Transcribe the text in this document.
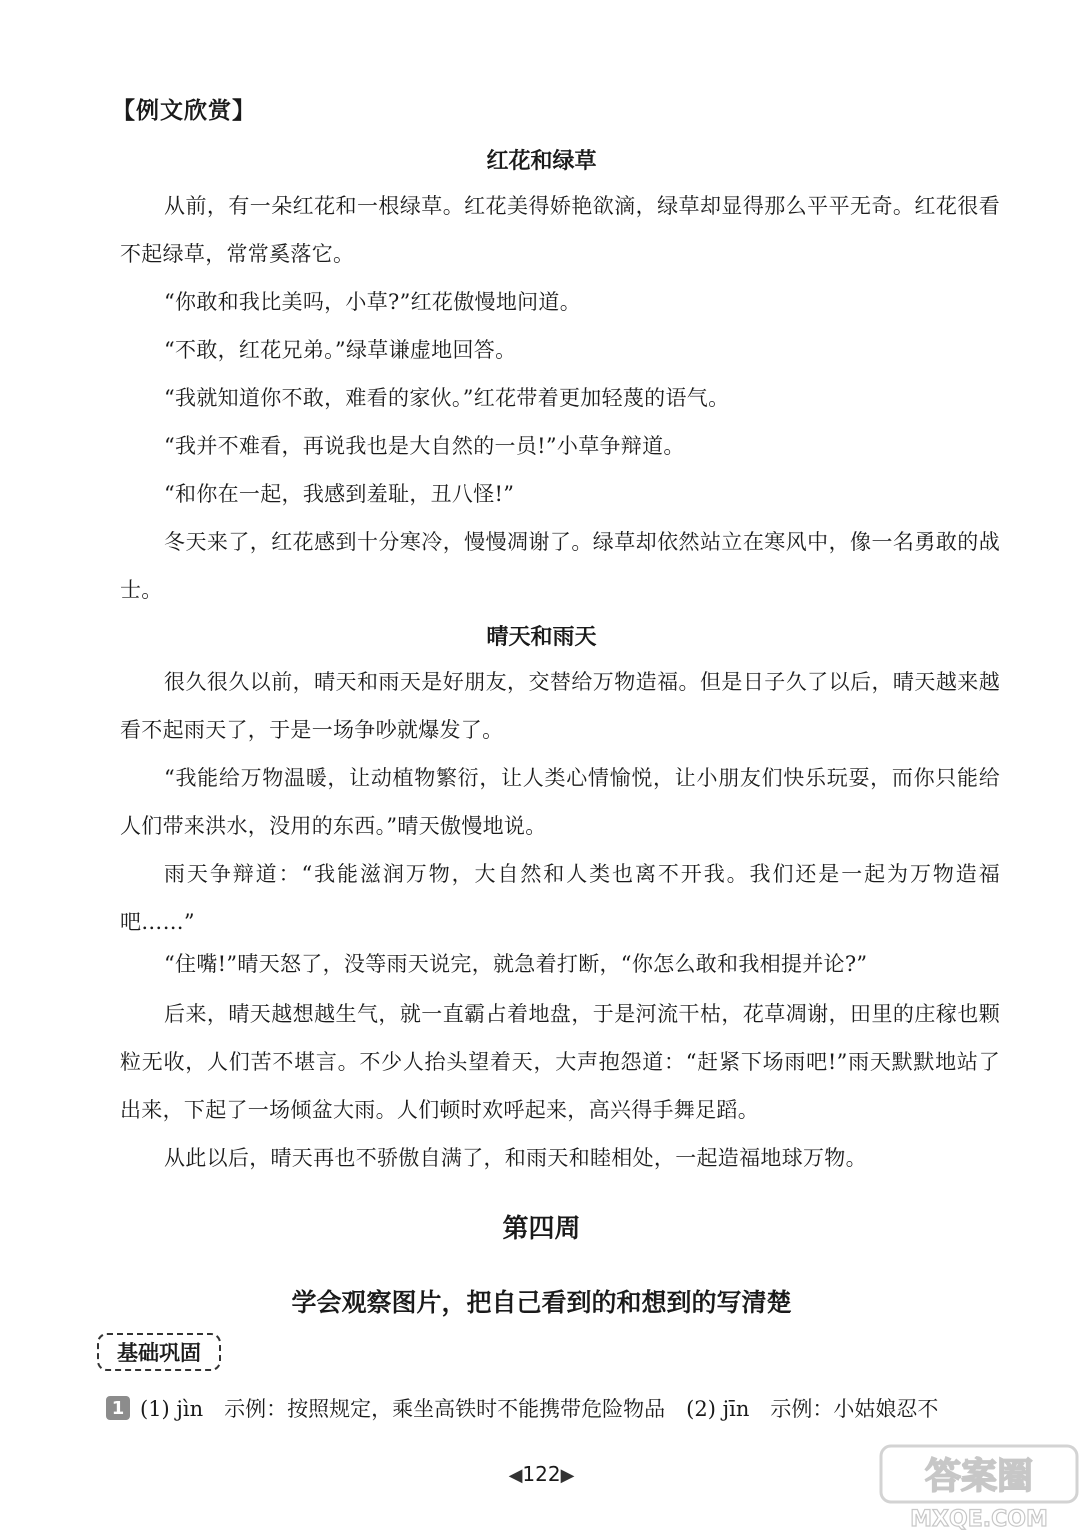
【例文欣赏】
红花和绿草
从前，有一朵红花和一根绿草。红花美得娇艳欲滴，绿草却显得那么平平无奇。红花很看不起绿草，常常奚落它。
“你敢和我比美吗，小草?”红花傲慢地问道。
“不敢，红花兄弟。”绿草谦虚地回答。
“我就知道你不敢，难看的家伙。”红花带着更加轻蔑的语气。
“我并不难看，再说我也是大自然的一员!”小草争辩道。
“和你在一起，我感到羞耻，丑八怪!”
冬天来了，红花感到十分寒冷，慢慢凋谢了。绿草却依然站立在寒风中，像一名勇敢的战士。
晴天和雨天
很久很久以前，晴天和雨天是好朋友，交替给万物造福。但是日子久了以后，晴天越来越看不起雨天了，于是一场争吵就爆发了。
“我能给万物温暖，让动植物繁衍，让人类心情愉悦，让小朋友们快乐玩耍，而你只能给人们带来洪水，没用的东西。”晴天傲慢地说。
雨天争辩道：“我能滋润万物，大自然和人类也离不开我。我们还是一起为万物造福吧……”
“住嘴!”晴天怒了，没等雨天说完，就急着打断，“你怎么敢和我相提并论?”
后来，晴天越想越生气，就一直霸占着地盘，于是河流干枯，花草凋谢，田里的庄稼也颗粒无收，人们苦不堪言。不少人抬头望着天，大声抱怨道：“赶紧下场雨吧!”雨天默默地站了出来，下起了一场倾盆大雨。人们顿时欢呼起来，高兴得手舞足蹈。
从此以后，晴天再也不骄傲自满了，和雨天和睦相处，一起造福地球万物。
第四周
学会观察图片，把自己看到的和想到的写清楚
基础巩固
1 (1) jìn　示例：按照规定，乘坐高铁时不能携带危险物品　(2) jīn　示例：小姑娘忍不
◀122▶	答案圈
MXQE.COM
